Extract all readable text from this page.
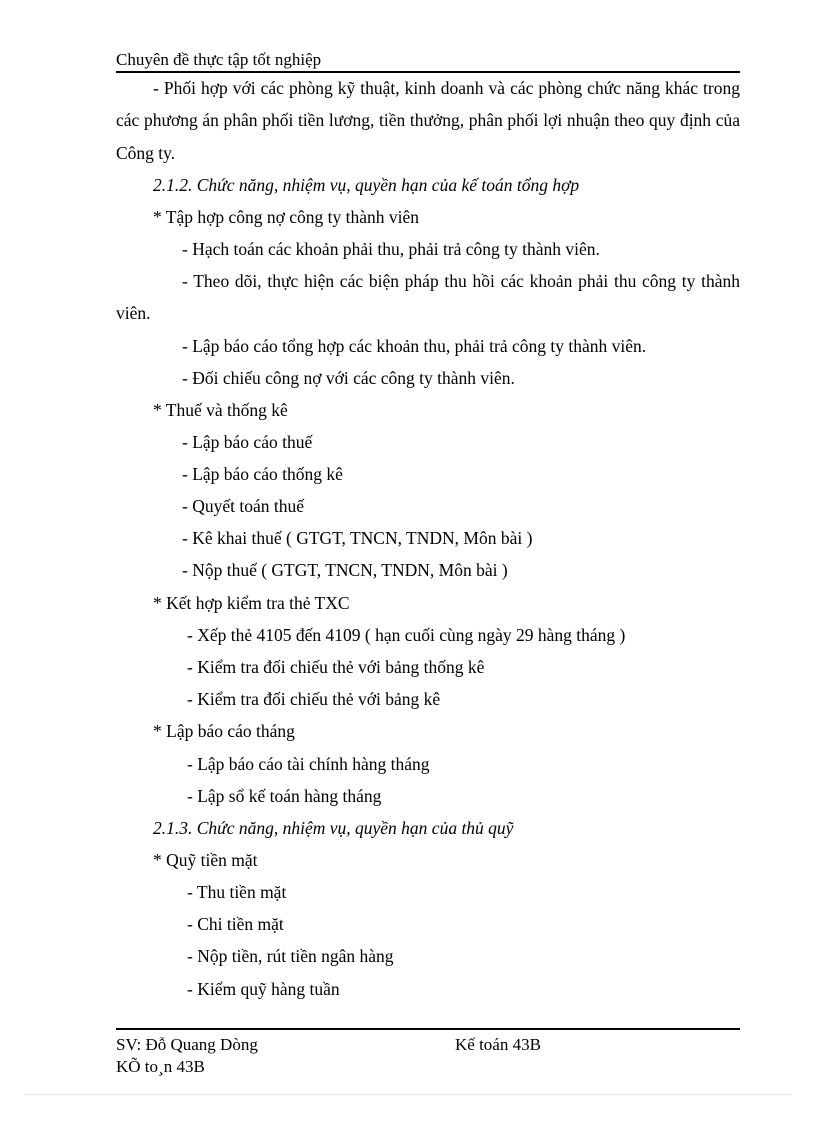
Chuyên đề thực tập tốt nghiệp
- Phối hợp với các phòng kỹ thuật, kinh doanh và các phòng chức năng khác trong các phương án phân phối tiền lương, tiền thưởng, phân phối lợi nhuận theo quy định của Công ty.
2.1.2. Chức năng, nhiệm vụ, quyền hạn của kế toán tổng hợp
* Tập hợp công nợ công ty thành viên
- Hạch toán các khoản phải thu, phải trả công ty thành viên.
- Theo dõi, thực hiện các biện pháp thu hồi các khoản phải thu công ty thành viên.
- Lập báo cáo tổng hợp các khoản thu, phải trả công ty thành viên.
- Đối chiếu công nợ với các công ty thành viên.
* Thuế và thống kê
- Lập báo cáo thuế
- Lập báo cáo thống kê
- Quyết toán thuế
- Kê khai thuế ( GTGT, TNCN, TNDN, Môn bài )
- Nộp thuế ( GTGT, TNCN, TNDN, Môn bài )
* Kết hợp kiểm tra thẻ TXC
- Xếp thẻ 4105 đến 4109 ( hạn cuối cùng ngày 29 hàng tháng )
- Kiểm tra đối chiếu thẻ với bảng thống kê
- Kiểm tra đối chiếu thẻ với bảng kê
* Lập báo cáo tháng
- Lập báo cáo tài chính hàng tháng
- Lập sổ kế toán hàng tháng
2.1.3. Chức năng, nhiệm vụ, quyền hạn của thủ quỹ
* Quỹ tiền mặt
- Thu tiền mặt
- Chi tiền mặt
- Nộp tiền, rút tiền ngân hàng
- Kiểm quỹ hàng tuần
SV: Đỗ Quang Dòng	Kế toán 43B
KÕ to¸n 43B
